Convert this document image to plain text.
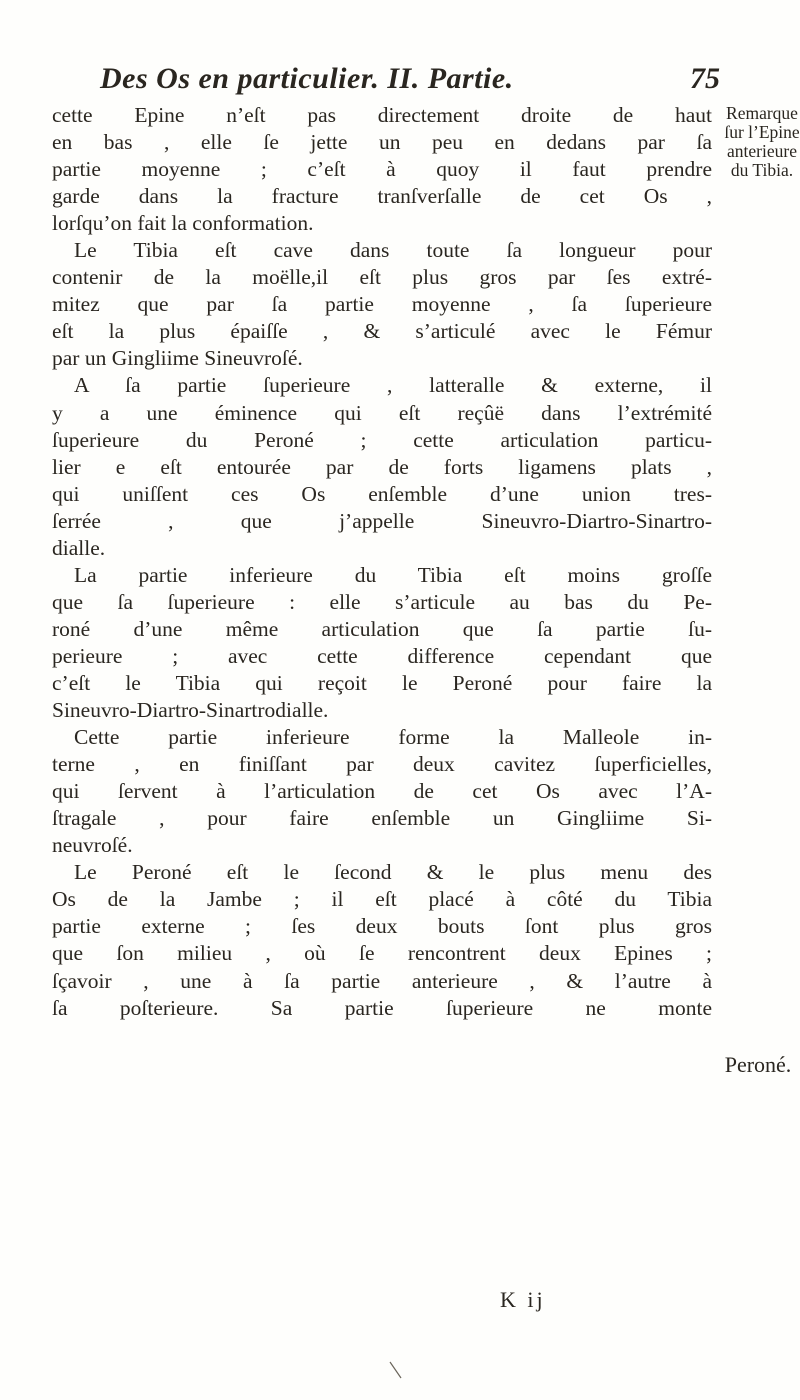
Des Os en particulier. II. Partie.	75
cette Epine n’eſt pas directement droite de haut
en bas , elle ſe jette un peu en dedans par ſa
partie moyenne ; c’eſt à quoy il faut prendre
garde dans la fracture tranſverſalle de cet Os ,
lorſqu’on fait la conformation.
Le Tibia eſt cave dans toute ſa longueur pour
contenir de la moëlle,il eſt plus gros par ſes extré-
mitez que par ſa partie moyenne , ſa ſuperieure
eſt la plus épaiſſe , & s’articulé avec le Fémur
par un Gingliime Sineuvroſé.
A ſa partie ſuperieure , latteralle & externe, il
y a une éminence qui eſt reçûë dans l’extrémité
ſuperieure du Peroné ; cette articulation particu-
lier e eſt entourée par de forts ligamens plats ,
qui uniſſent ces Os enſemble d’une union tres-
ſerrée , que j’appelle Sineuvro-Diartro-Sinartro-
dialle.
La partie inferieure du Tibia eſt moins groſſe
que ſa ſuperieure : elle s’articule au bas du Pe-
roné d’une même articulation que ſa partie ſu-
perieure ; avec cette difference cependant que
c’eſt le Tibia qui reçoit le Peroné pour faire la
Sineuvro-Diartro-Sinartrodialle.
Cette partie inferieure forme la Malleole in-
terne , en finiſſant par deux cavitez ſuperficielles,
qui ſervent à l’articulation de cet Os avec l’A-
ſtragale , pour faire enſemble un Gingliime Si-
neuvroſé.
Le Peroné eſt le ſecond & le plus menu des
Os de la Jambe ; il eſt placé à côté du Tibia
partie externe ; ſes deux bouts ſont plus gros
que ſon milieu , où ſe rencontrent deux Epines ;
ſçavoir , une à ſa partie anterieure , & l’autre à
ſa poſterieure. Sa partie ſuperieure ne monte
Remarque
ſur l’Epine
anterieure
du Tibia.
Peroné.
K ij
